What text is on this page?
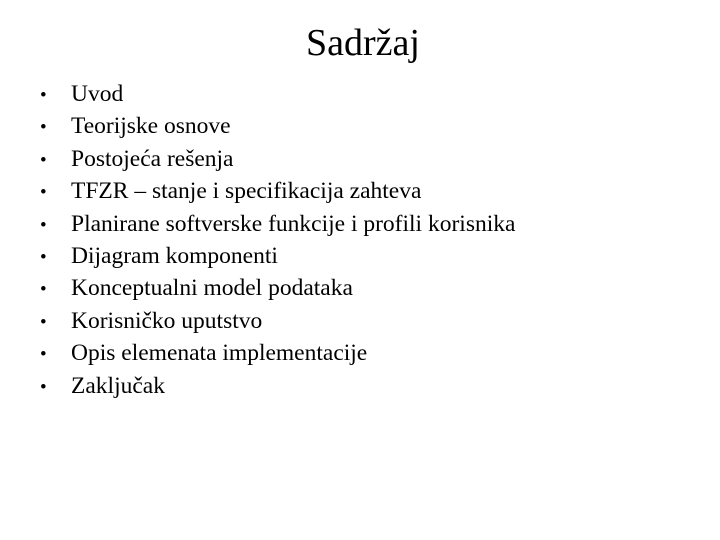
Sadržaj
•	Uvod
•	Teorijske osnove
•	Postojeća rešenja
•	TFZR – stanje i specifikacija zahteva
•	Planirane softverske funkcije i profili korisnika
•	Dijagram komponenti
•	Konceptualni model podataka
•	Korisničko uputstvo
•	Opis elemenata implementacije
•	Zaključak
